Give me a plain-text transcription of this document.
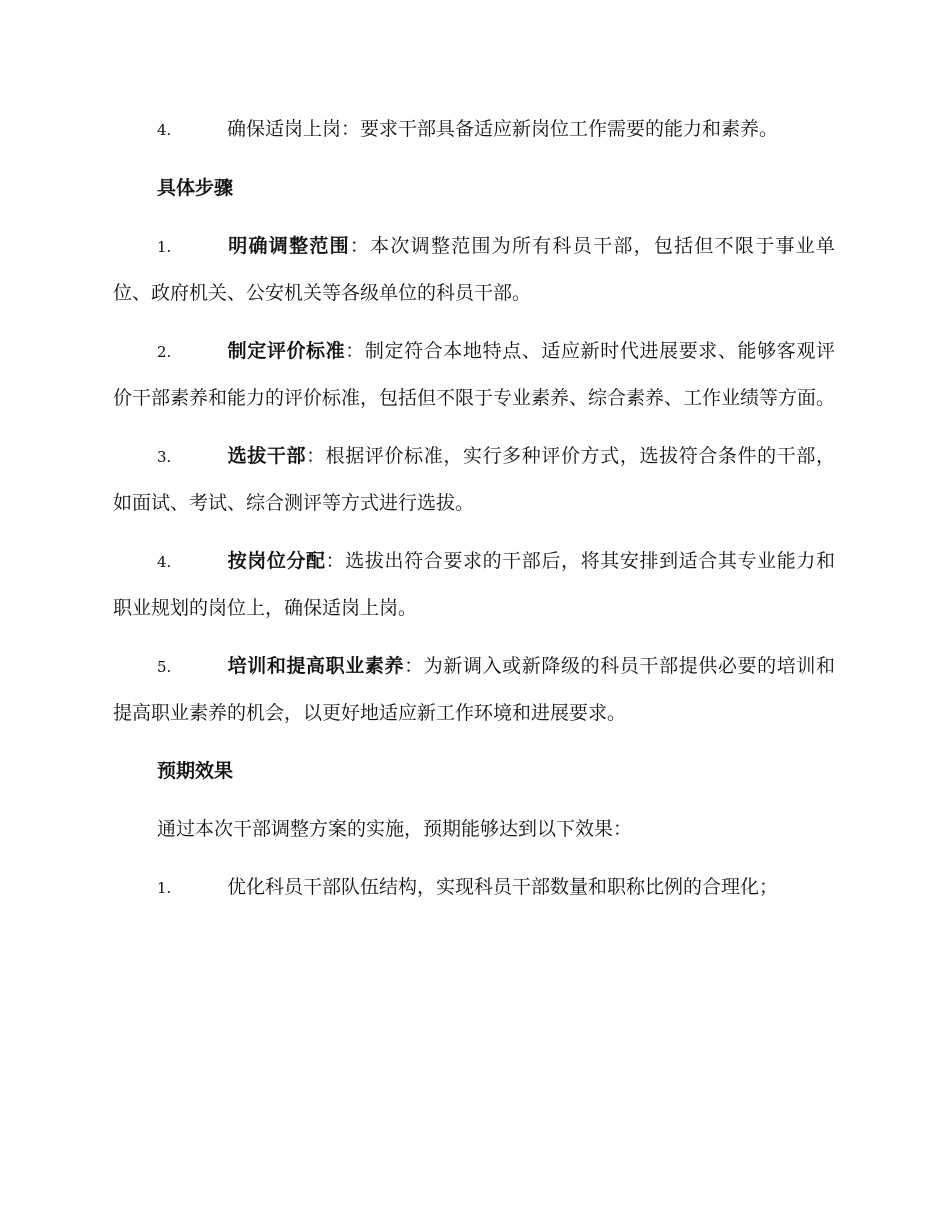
4.	确保适岗上岗：要求干部具备适应新岗位工作需要的能力和素养。

具体步骤

1.	明确调整范围：本次调整范围为所有科员干部，包括但不限于事业单位、政府机关、公安机关等各级单位的科员干部。

2.	制定评价标准：制定符合本地特点、适应新时代进展要求、能够客观评价干部素养和能力的评价标准，包括但不限于专业素养、综合素养、工作业绩等方面。

3.	选拔干部：根据评价标准，实行多种评价方式，选拔符合条件的干部，如面试、考试、综合测评等方式进行选拔。

4.	按岗位分配：选拔出符合要求的干部后，将其安排到适合其专业能力和职业规划的岗位上，确保适岗上岗。

5.	培训和提高职业素养：为新调入或新降级的科员干部提供必要的培训和提高职业素养的机会，以更好地适应新工作环境和进展要求。

预期效果

通过本次干部调整方案的实施，预期能够达到以下效果：

1.	优化科员干部队伍结构，实现科员干部数量和职称比例的合理化；
